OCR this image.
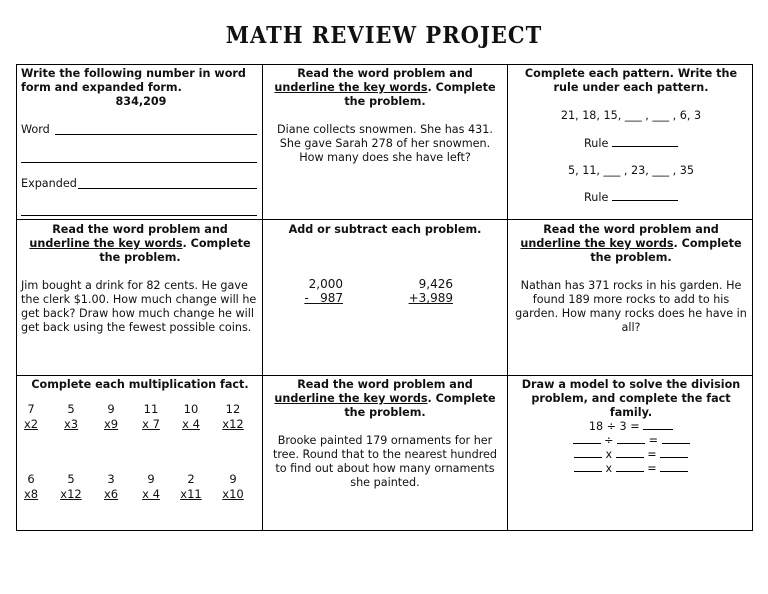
MATH REVIEW PROJECT
Write the following number in word form and expanded form.
834,209
Word
Expanded
Read the word problem and underline the key words. Complete the problem.
Diane collects snowmen. She has 431. She gave Sarah 278 of her snowmen. How many does she have left?
Complete each pattern. Write the rule under each pattern.
21, 18, 15, ___ , ___ , 6, 3
Rule
5, 11, ___ , 23, ___ , 35
Rule
Read the word problem and underline the key words. Complete the problem.
Jim bought a drink for 82 cents. He gave the clerk $1.00. How much change will he get back? Draw how much change he will get back using the fewest possible coins.
Add or subtract each problem.
2,000
-   987
9,426
+3,989
Read the word problem and underline the key words. Complete the problem.
Nathan has 371 rocks in his garden. He found 189 more rocks to add to his garden. How many rocks does he have in all?
Complete each multiplication fact.
7
x2
5
x3
9
x9
11
x 7
10
x 4
12
x12
6
x8
5
x12
3
x6
9
x 4
2
x11
9
x10
Read the word problem and underline the key words. Complete the problem.
Brooke painted 179 ornaments for her tree. Round that to the nearest hundred to find out about how many ornaments she painted.
Draw a model to solve the division problem, and complete the fact family.
18 ÷ 3 =
÷	=
x	=
x	=
